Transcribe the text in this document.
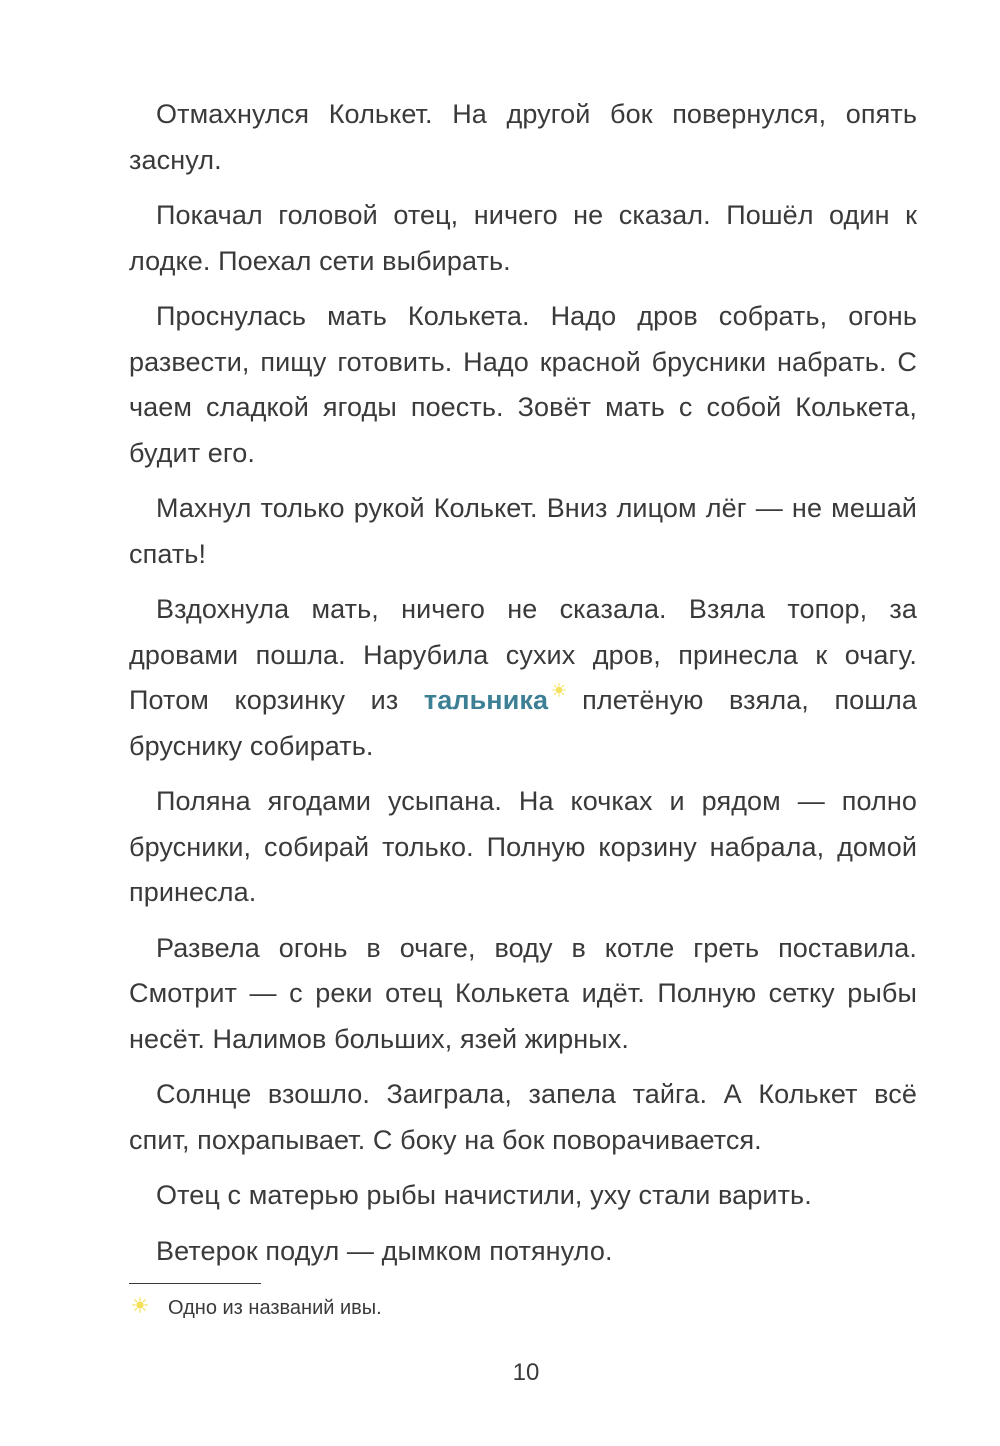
Отмахнулся Колькет. На другой бок повернулся, опять заснул.

Покачал головой отец, ничего не сказал. Пошёл один к лодке. Поехал сети выбирать.

Проснулась мать Колькета. Надо дров собрать, огонь развести, пищу готовить. Надо красной брусники набрать. С чаем сладкой ягоды поесть. Зовёт мать с собой Колькета, будит его.

Махнул только рукой Колькет. Вниз лицом лёг — не мешай спать!

Вздохнула мать, ничего не сказала. Взяла топор, за дровами пошла. Нарубила сухих дров, принесла к очагу. Потом корзинку из тальника плетёную взяла, пошла бруснику собирать.

Поляна ягодами усыпана. На кочках и рядом — полно брусники, собирай только. Полную корзину набрала, домой принесла.

Развела огонь в очаге, воду в котле греть поставила. Смотрит — с реки отец Колькета идёт. Полную сетку рыбы несёт. Налимов больших, язей жирных.

Солнце взошло. Заиграла, запела тайга. А Колькет всё спит, похрапывает. С боку на бок поворачивается.

Отец с матерью рыбы начистили, уху стали варить.

Ветерок подул — дымком потянуло.

Одно из названий ивы.
10
